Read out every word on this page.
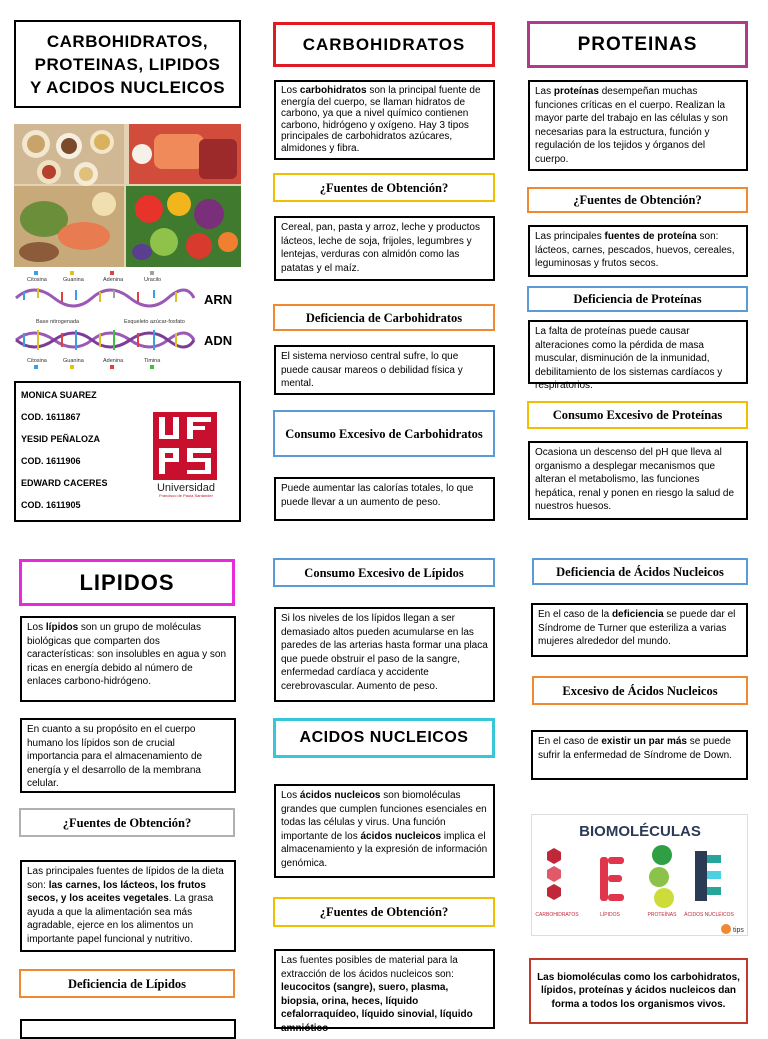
CARBOHIDRATOS,
PROTEINAS, LIPIDOS
Y ACIDOS NUCLEICOS
Citosina	Guanina	Adenina	Uracilo
ARN
Base nitrogenada	Esqueleto azúcar-fosfato
ADN
Citosina	Guanina	Adenina	Timina
MONICA SUAREZ
COD. 1611867
YESID PEÑALOZA
COD. 1611906
EDWARD CACERES
COD. 1611905
Universidad
Francisco de Paula Santander
LIPIDOS
Los lípidos son un grupo de moléculas biológicas que comparten dos características: son insolubles en agua y son ricas en energía debido al número de enlaces carbono-hidrógeno.
En cuanto a su propósito en el cuerpo humano los lípidos son de crucial importancia para el almacenamiento de energía y el desarrollo de la membrana celular.
¿Fuentes de Obtención?
Las principales fuentes de lípidos de la dieta son: las carnes, los lácteos, los frutos secos, y los aceites vegetales. La grasa ayuda a que la alimentación sea más agradable, ejerce en los alimentos un importante papel funcional y nutritivo.
Deficiencia de Lípidos
CARBOHIDRATOS
Los carbohidratos son la principal fuente de energía del cuerpo, se llaman hidratos de carbono, ya que a nivel químico contienen carbono, hidrógeno y oxígeno. Hay 3 tipos principales de carbohidratos azúcares, almidones y fibra.
¿Fuentes de Obtención?
Cereal, pan, pasta y arroz, leche y productos lácteos, leche de soja, frijoles, legumbres y lentejas, verduras con almidón como las patatas y el maíz.
Deficiencia de Carbohidratos
El sistema nervioso central sufre, lo que puede causar mareos o debilidad física y mental.
Consumo Excesivo de Carbohidratos
Puede aumentar las calorías totales, lo que puede llevar a un aumento de peso.
Consumo Excesivo de Lípidos
Si los niveles de los lípidos llegan a ser demasiado altos pueden acumularse en las paredes de las arterias hasta formar una placa que puede obstruir el paso de la sangre, enfermedad cardíaca y accidente cerebrovascular. Aumento de peso.
ACIDOS NUCLEICOS
Los ácidos nucleicos son biomoléculas grandes que cumplen funciones esenciales en todas las células y virus. Una función importante de los ácidos nucleicos implica el almacenamiento y la expresión de información genómica.
¿Fuentes de Obtención?
Las fuentes posibles de material para la extracción de los ácidos nucleicos son: leucocitos (sangre), suero, plasma, biopsia, orina, heces, líquido cefalorraquídeo, líquido sinovial, líquido amniótico
PROTEINAS
Las proteínas desempeñan muchas funciones críticas en el cuerpo. Realizan la mayor parte del trabajo en las células y son necesarias para la estructura, función y regulación de los tejidos y órganos del cuerpo.
¿Fuentes de Obtención?
Las principales fuentes de proteína son: lácteos, carnes, pescados, huevos, cereales, leguminosas y frutos secos.
Deficiencia de Proteínas
La falta de proteínas puede causar alteraciones como la pérdida de masa muscular, disminución de la inmunidad, debilitamiento de los sistemas cardíacos y respiratorios.
Consumo Excesivo de Proteínas
Ocasiona un descenso del pH que lleva al organismo a desplegar mecanismos que alteran el metabolismo, las funciones hepática, renal y ponen en riesgo la salud de nuestros huesos.
Deficiencia de Ácidos Nucleicos
En el caso de la deficiencia se puede dar el Síndrome de Turner que esteriliza a varias mujeres alrededor del mundo.
Excesivo de Ácidos Nucleicos
En el caso de existir un par más se puede sufrir la enfermedad de Síndrome de Down.
BIOMOLÉCULAS
CARBOHIDRATOS	LÍPIDOS	PROTEÍNAS ÁCIDOS NUCLÉICOS
tips
Las biomoléculas como los carbohidratos, lípidos, proteínas y ácidos nucleicos dan forma a todos los organismos vivos.
